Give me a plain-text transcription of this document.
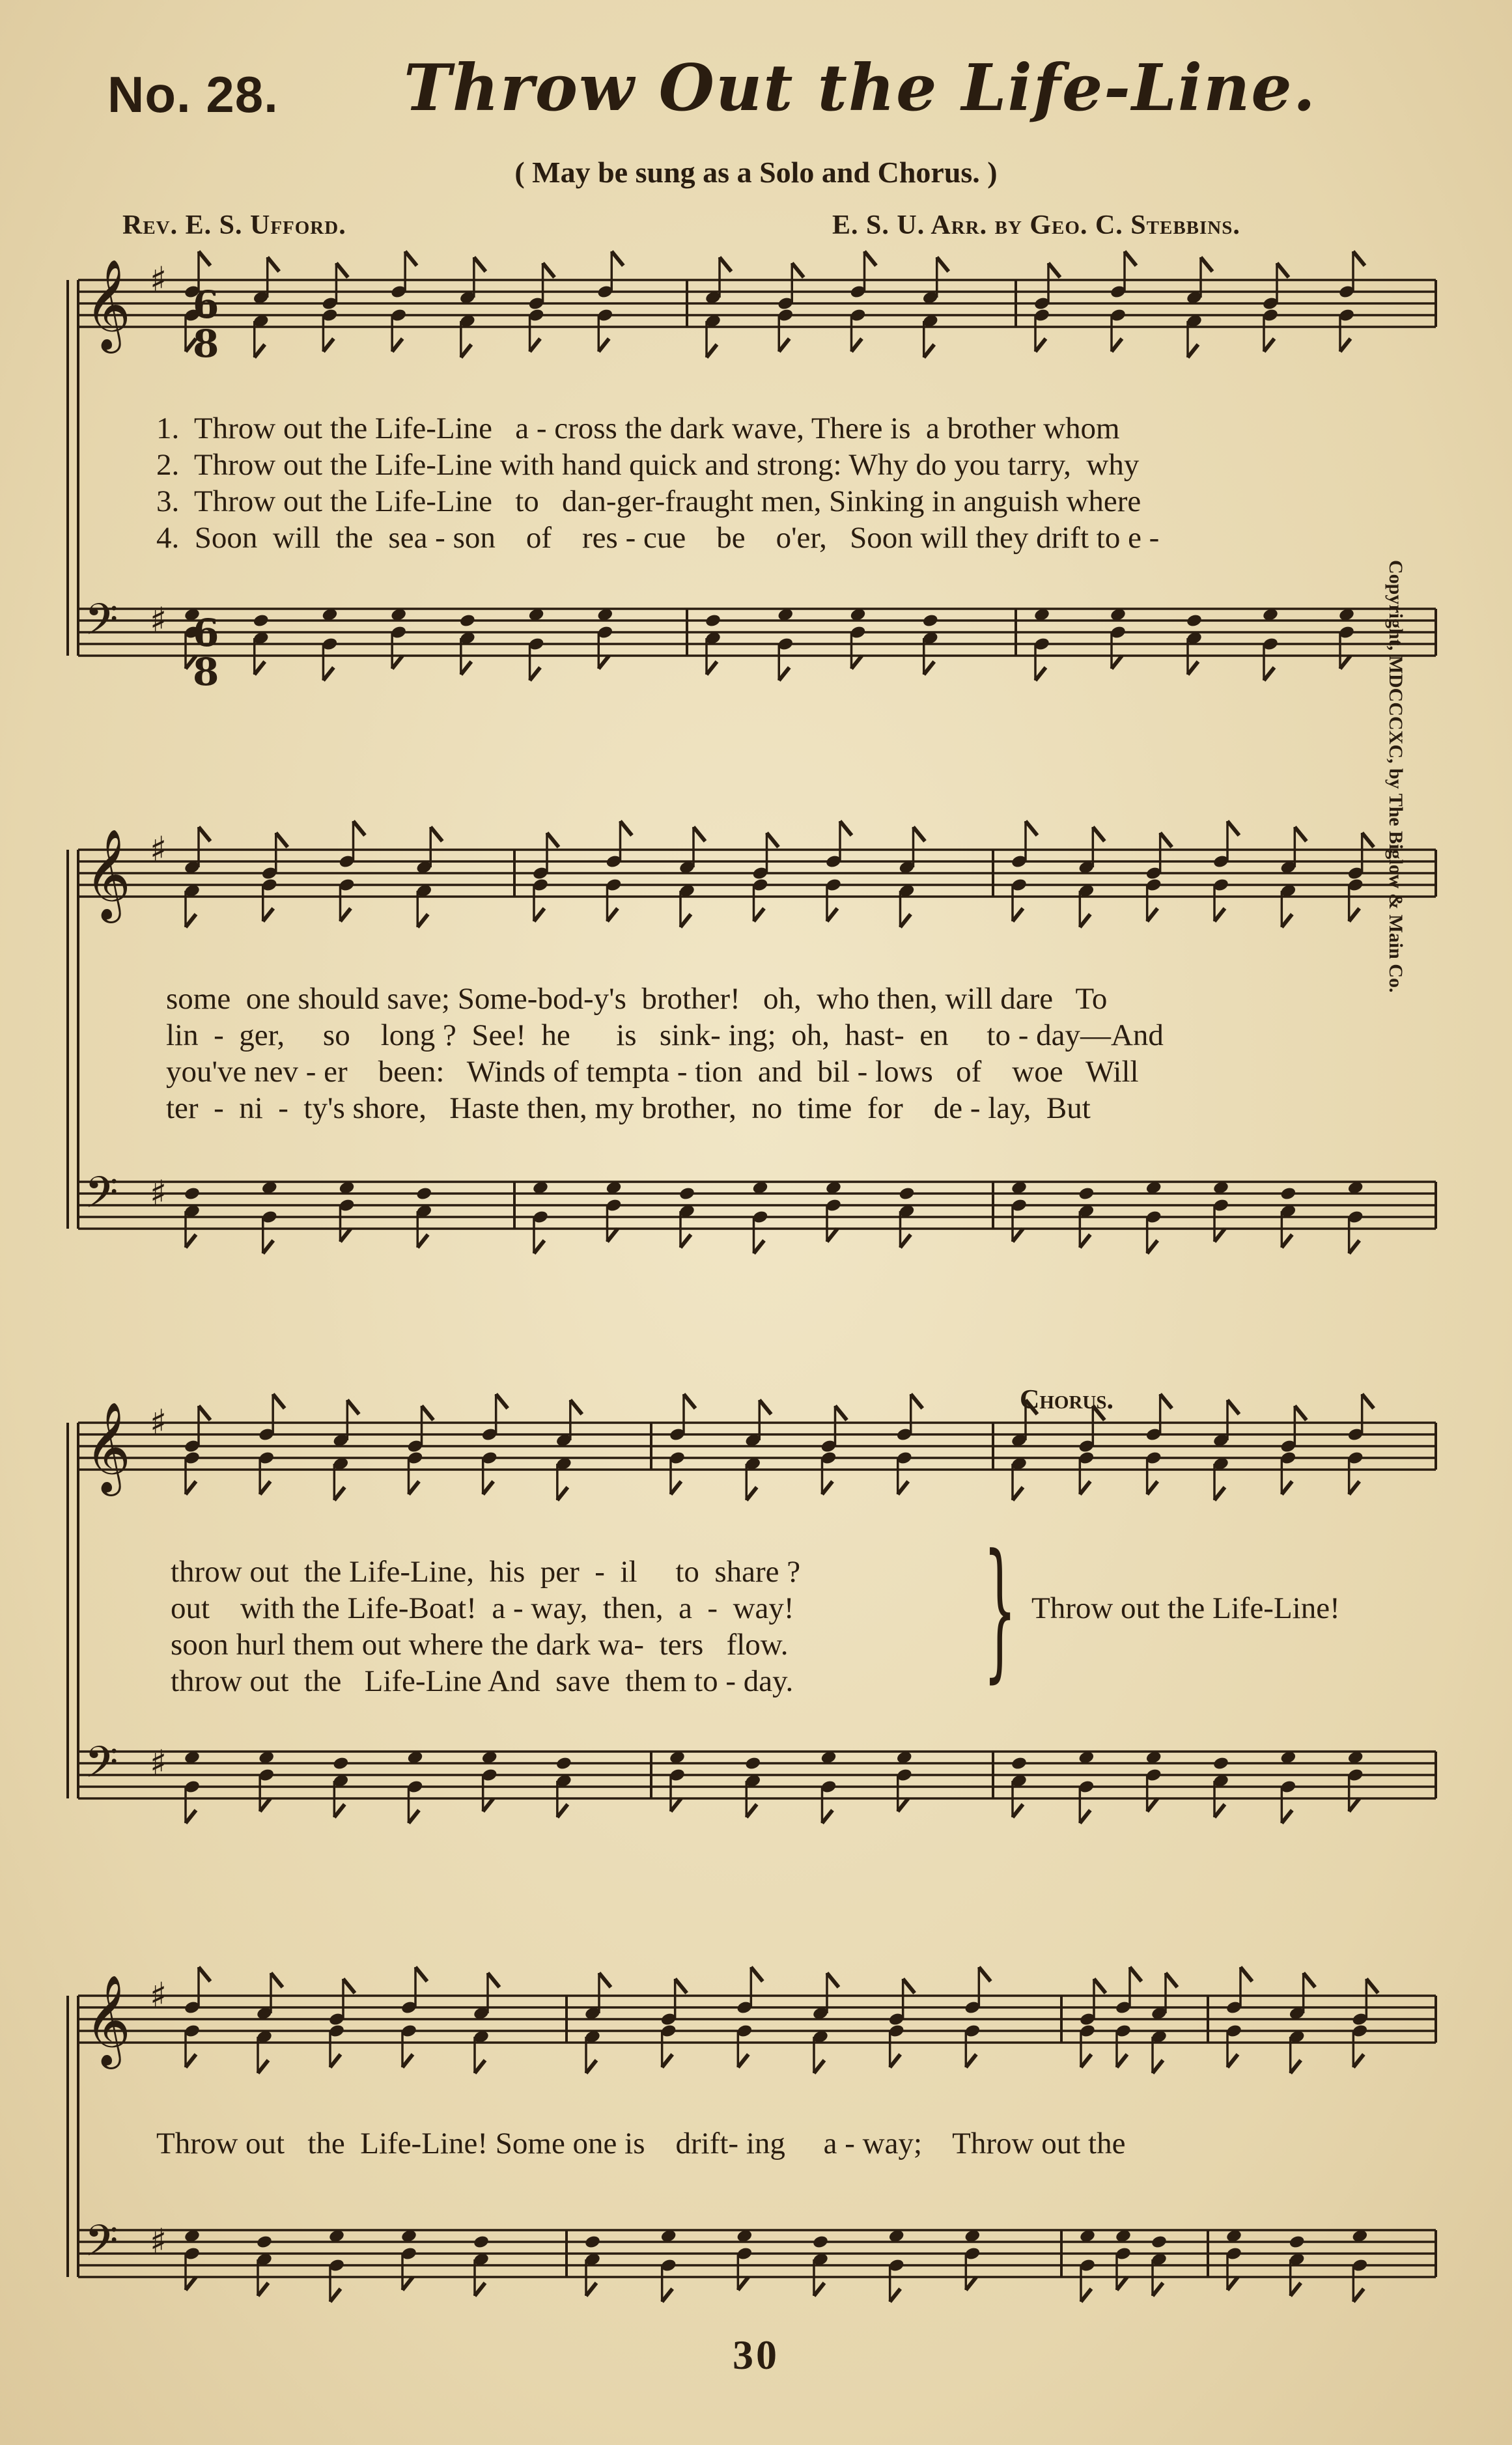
No. 28. Throw Out the Life-Line.
( May be sung as a Solo and Chorus. )
Rev. E. S. Ufford.	E. S. U. Arr. by Geo. C. Stebbins.
Copyright, MDCCCXC, by The Biglow & Main Co.
𝄞 ♯
𝄢 ♯
𝄞 ♯
𝄢 ♯
𝄞 ♯
𝄢 ♯
𝄞 ♯
𝄢 ♯
6
8
6
8
1.  Throw out the Life-Line   a - cross the dark wave, There is  a brother whom
2.  Throw out the Life-Line with hand quick and strong: Why do you tarry,  why
3.  Throw out the Life-Line   to   dan-ger-fraught men, Sinking in anguish where
4.  Soon  will  the  sea - son    of    res - cue    be    o'er,   Soon will they drift to e -
some  one should save; Some-bod-y's  brother!   oh,  who then, will dare   To
lin  -  ger,     so    long ?  See!  he      is   sink- ing;  oh,  hast-  en     to - day—And
you've nev - er    been:   Winds of tempta - tion  and  bil - lows   of    woe   Will
ter  -  ni  -  ty's shore,   Haste then, my brother,  no  time  for    de - lay,  But
Chorus.
throw out  the Life-Line,  his  per  -  il     to  share ?
out    with the Life-Boat!  a - way,  then,  a  -  way!
soon hurl them out where the dark wa-  ters   flow.
throw out  the   Life-Line And  save  them to - day. } Throw out the Life-Line!
Throw out   the  Life-Line! Some one is    drift- ing     a - way;    Throw out the
30
